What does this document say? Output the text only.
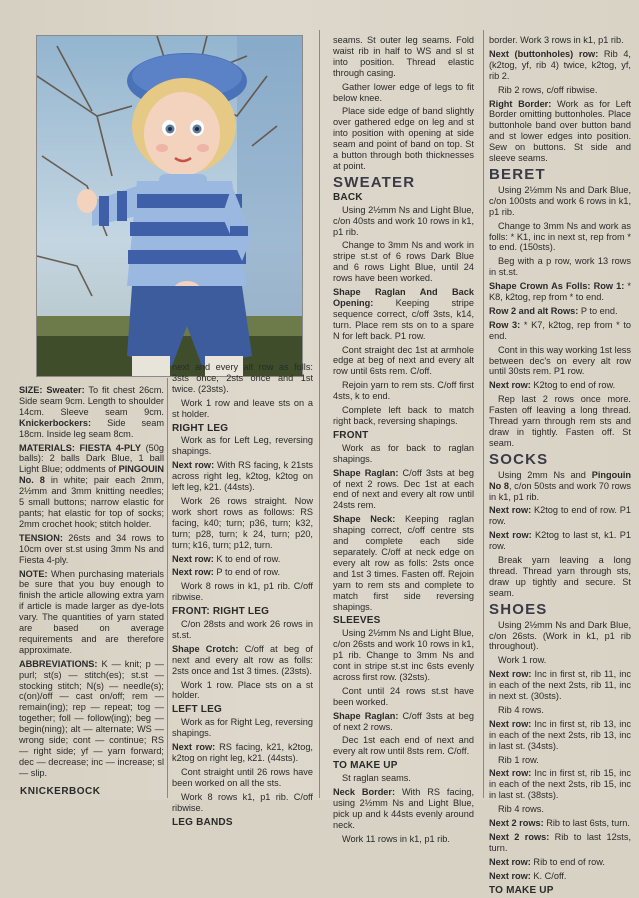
SIZE: Sweater: To fit chest 26cm. Side seam 9cm. Length to shoulder 14cm. Sleeve seam 9cm. Knickerbockers: Side seam 18cm. Inside leg seam 8cm.

MATERIALS: FIESTA 4-PLY (50g balls): 2 balls Dark Blue, 1 ball Light Blue; oddments of PINGOUIN No. 8 in white; pair each 2mm, 2½mm and 3mm knitting needles; 5 small buttons; narrow elastic for pants; hat elastic for top of socks; 2mm crochet hook; stitch holder.

TENSION: 26sts and 34 rows to 10cm over st.st using 3mm Ns and Fiesta 4-ply.

NOTE: When purchasing materials be sure that you buy enough to finish the article allowing extra yarn if article is made larger as dye-lots vary. The quantities of yarn stated are based on average requirements and are therefore approximate.

ABBREVIATIONS: K — knit; p — purl; st(s) — stitch(es); st.st — stocking stitch; N(s) — needle(s); c(on)/off — cast on/off; rem — remain(ing); rep — repeat; tog — together; foll — follow(ing); beg — begin(ning); alt — alternate; WS — wrong side; cont — continue; RS — right side; yf — yarn forward; dec — decrease; inc — increase; sl — slip.

KNICKERBOCK

next and every alt row as folls: 3sts once, 2sts once and 1st twice. (23sts).

Work 1 row and leave sts on a st holder.

RIGHT LEG

Work as for Left Leg, reversing shapings.

Next row: With RS facing, k 21sts across right leg, k2tog, k2tog on left leg, k21. (44sts).

Work 26 rows straight. Now work short rows as follows: RS facing, k40; turn; p36, turn; k32, turn; p28, turn; k 24, turn; p20, turn; k16, turn; p12, turn.

Next row: K to end of row.

Next row: P to end of row.

Work 8 rows in k1, p1 rib. C/off ribwise.

FRONT: RIGHT LEG

C/on 28sts and work 26 rows in st.st.

Shape Crotch: C/off at beg of next and every alt row as folls: 2sts once and 1st 3 times. (23sts).

Work 1 row. Place sts on a st holder.

LEFT LEG

Work as for Right Leg, reversing shapings.

Next row: RS facing, k21, k2tog, k2tog on right leg, k21. (44sts).

Cont straight until 26 rows have been worked on all the sts.

Work 8 rows k1, p1 rib. C/off ribwise.

LEG BANDS

seams. St outer leg seams. Fold waist rib in half to WS and sl st into position. Thread elastic through casing.

Gather lower edge of legs to fit below knee.

Place side edge of band slightly over gathered edge on leg and st into position with opening at side seam and point of band on top. St a button through both thicknesses at point.

SWEATER
BACK

Using 2½mm Ns and Light Blue, c/on 40sts and work 10 rows in k1, p1 rib.

Change to 3mm Ns and work in stripe st.st of 6 rows Dark Blue and 6 rows Light Blue, until 24 rows have been worked.

Shape Raglan And Back Opening: Keeping stripe sequence correct, c/off 3sts, k14, turn. Place rem sts on to a spare N for left back. P1 row.

Cont straight dec 1st at armhole edge at beg of next and every alt row until 6sts rem. C/off.

Rejoin yarn to rem sts. C/off first 4sts, k to end.

Complete left back to match right back, reversing shapings.

FRONT

Work as for back to raglan shapings.

Shape Raglan: C/off 3sts at beg of next 2 rows. Dec 1st at each end of next and every alt row until 24sts rem.

Shape Neck: Keeping raglan shaping correct, c/off centre sts and complete each side separately. C/off at neck edge on every alt row as folls: 2sts once and 1st 3 times. Fasten off. Rejoin yarn to rem sts and complete to match first side reversing shapings.

SLEEVES

Using 2½mm Ns and Light Blue, c/on 26sts and work 10 rows in k1, p1 rib. Change to 3mm Ns and cont in stripe st.st inc 6sts evenly across first row. (32sts).

Cont until 24 rows st.st have been worked.

Shape Raglan: C/off 3sts at beg of next 2 rows.

Dec 1st each end of next and every alt row until 8sts rem. C/off.

TO MAKE UP

St raglan seams.

Neck Border: With RS facing, using 2½mm Ns and Light Blue, pick up and k 44sts evenly around neck.

Work 11 rows in k1, p1 rib.

border. Work 3 rows in k1, p1 rib.

Next (buttonholes) row: Rib 4, (k2tog, yf, rib 4) twice, k2tog, yf, rib 2.

Rib 2 rows, c/off ribwise.

Right Border: Work as for Left Border omitting buttonholes. Place buttonhole band over button band and st lower edges into position. Sew on buttons. St side and sleeve seams.

BERET

Using 2½mm Ns and Dark Blue, c/on 100sts and work 6 rows in k1, p1 rib.

Change to 3mm Ns and work as folls: * K1, inc in next st, rep from * to end. (150sts).

Beg with a p row, work 13 rows in st.st.

Shape Crown As Folls: Row 1: * K8, k2tog, rep from * to end.

Row 2 and alt Rows: P to end.

Row 3: * K7, k2tog, rep from * to end.

Cont in this way working 1st less between dec's on every alt row until 30sts rem. P1 row.

Next row: K2tog to end of row.

Rep last 2 rows once more. Fasten off leaving a long thread. Thread yarn through rem sts and draw in tightly. Fasten off. St seam.

SOCKS

Using 2mm Ns and Pingouin No 8, c/on 50sts and work 70 rows in k1, p1 rib.

Next row: K2tog to end of row. P1 row.

Next row: K2tog to last st, k1. P1 row.

Break yarn leaving a long thread. Thread yarn through sts, draw up tightly and secure. St seam.

SHOES

Using 2½mm Ns and Dark Blue, c/on 26sts. (Work in k1, p1 rib throughout).

Work 1 row.

Next row: Inc in first st, rib 11, inc in each of the next 2sts, rib 11, inc in next st. (30sts).

Rib 4 rows.

Next row: Inc in first st, rib 13, inc in each of the next 2sts, rib 13, inc in last st. (34sts).

Rib 1 row.

Next row: Inc in first st, rib 15, inc in each of the next 2sts, rib 15, inc in last st. (38sts).

Rib 4 rows.

Next 2 rows: Rib to last 6sts, turn.

Next 2 rows: Rib to last 12sts, turn.

Next row: Rib to end of row.

Next row: K. C/off.

TO MAKE UP
